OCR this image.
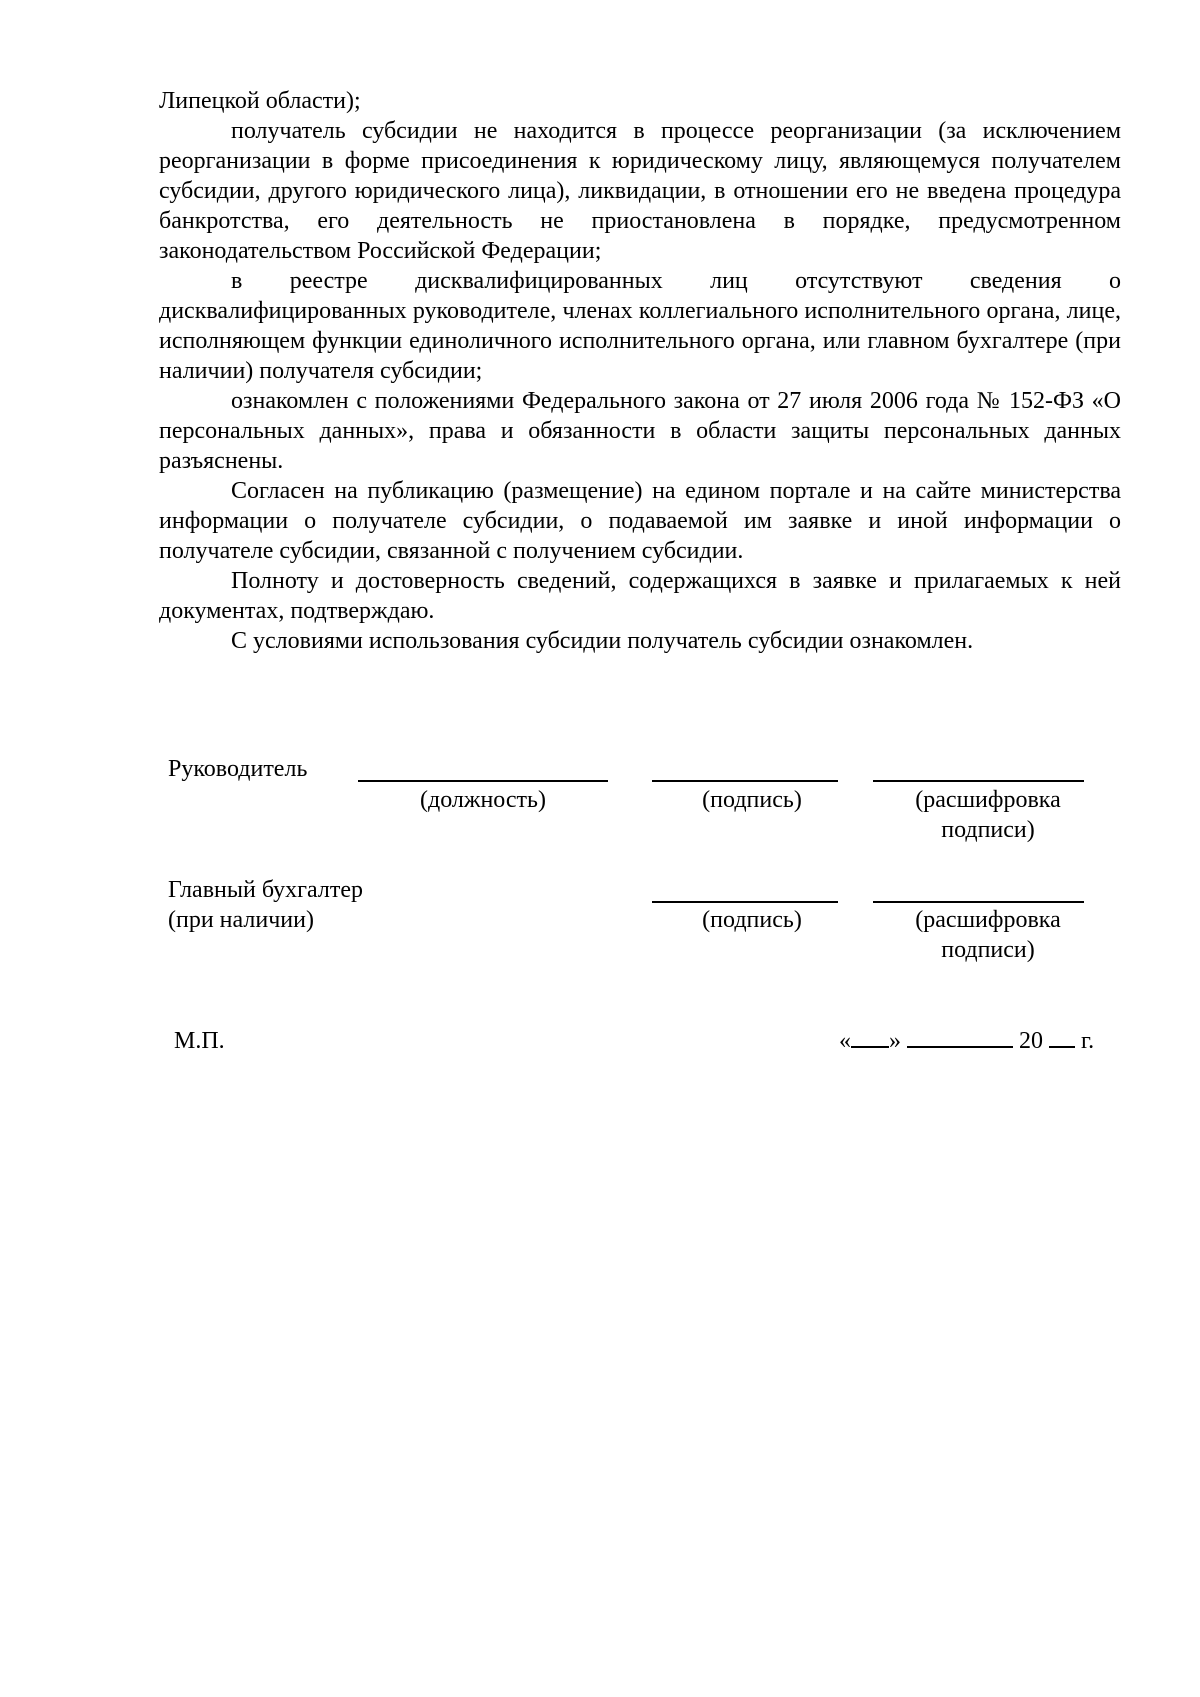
Липецкой области);

получатель субсидии не находится в процессе реорганизации (за исключением реорганизации в форме присоединения к юридическому лицу, являющемуся получателем субсидии, другого юридического лица), ликвидации, в отношении его не введена процедура банкротства, его деятельность не приостановлена в порядке, предусмотренном законодательством Российской Федерации;

в реестре дисквалифицированных лиц отсутствуют сведения о дисквалифицированных руководителе, членах коллегиального исполнительного органа, лице, исполняющем функции единоличного исполнительного органа, или главном бухгалтере (при наличии) получателя субсидии;

ознакомлен с положениями Федерального закона от 27 июля 2006 года № 152-ФЗ «О персональных данных», права и обязанности в области защиты персональных данных разъяснены.

Согласен на публикацию (размещение) на едином портале и на сайте министерства информации о получателе субсидии, о подаваемой им заявке и иной информации о получателе субсидии, связанной с получением субсидии.

Полноту и достоверность сведений, содержащихся в заявке и прилагаемых к ней документах, подтверждаю.

С условиями использования субсидии получатель субсидии ознакомлен.

Руководитель
(должность)	(подпись)	(расшифровка
подписи)
Главный бухгалтер
(при наличии)	(подпись)	(расшифровка
подписи)
М.П.	« »	20 г.
